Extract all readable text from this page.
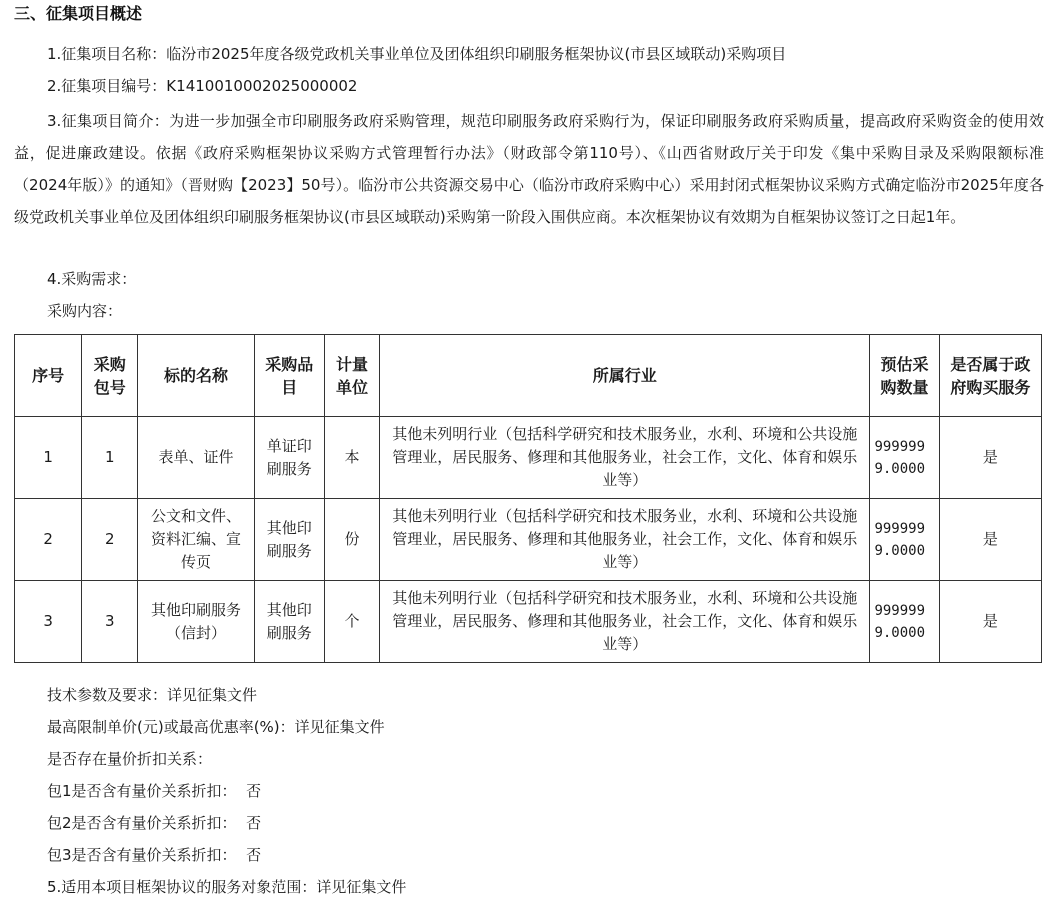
三、征集项目概述
1.征集项目名称：临汾市2025年度各级党政机关事业单位及团体组织印刷服务框架协议(市县区域联动)采购项目
2.征集项目编号：K1410010002025000002
3.征集项目简介：为进一步加强全市印刷服务政府采购管理，规范印刷服务政府采购行为，保证印刷服务政府采购质量，提高政府采购资金的使用效益，促进廉政建设。依据《政府采购框架协议采购方式管理暂行办法》（财政部令第110号）、《山西省财政厅关于印发《集中采购目录及采购限额标准（2024年版）》的通知》（晋财购【2023】50号）。临汾市公共资源交易中心（临汾市政府采购中心）采用封闭式框架协议采购方式确定临汾市2025年度各级党政机关事业单位及团体组织印刷服务框架协议(市县区域联动)采购第一阶段入围供应商。本次框架协议有效期为自框架协议签订之日起1年。
4.采购需求：
采购内容：
序号	采购包号	标的名称	采购品目	计量单位	所属行业	预估采购数量	是否属于政府购买服务
1	1	表单、证件	单证印刷服务	本	其他未列明行业（包括科学研究和技术服务业，水利、环境和公共设施管理业，居民服务、修理和其他服务业，社会工作，文化、体育和娱乐业等）	9999999.0000	是
2	2	公文和文件、资料汇编、宣传页	其他印刷服务	份	其他未列明行业（包括科学研究和技术服务业，水利、环境和公共设施管理业，居民服务、修理和其他服务业，社会工作，文化、体育和娱乐业等）	9999999.0000	是
3	3	其他印刷服务（信封）	其他印刷服务	个	其他未列明行业（包括科学研究和技术服务业，水利、环境和公共设施管理业，居民服务、修理和其他服务业，社会工作，文化、体育和娱乐业等）	9999999.0000	是
技术参数及要求：详见征集文件
最高限制单价(元)或最高优惠率(%)：详见征集文件
是否存在量价折扣关系：
包1是否含有量价关系折扣：  否
包2是否含有量价关系折扣：  否
包3是否含有量价关系折扣：  否
5.适用本项目框架协议的服务对象范围：详见征集文件
